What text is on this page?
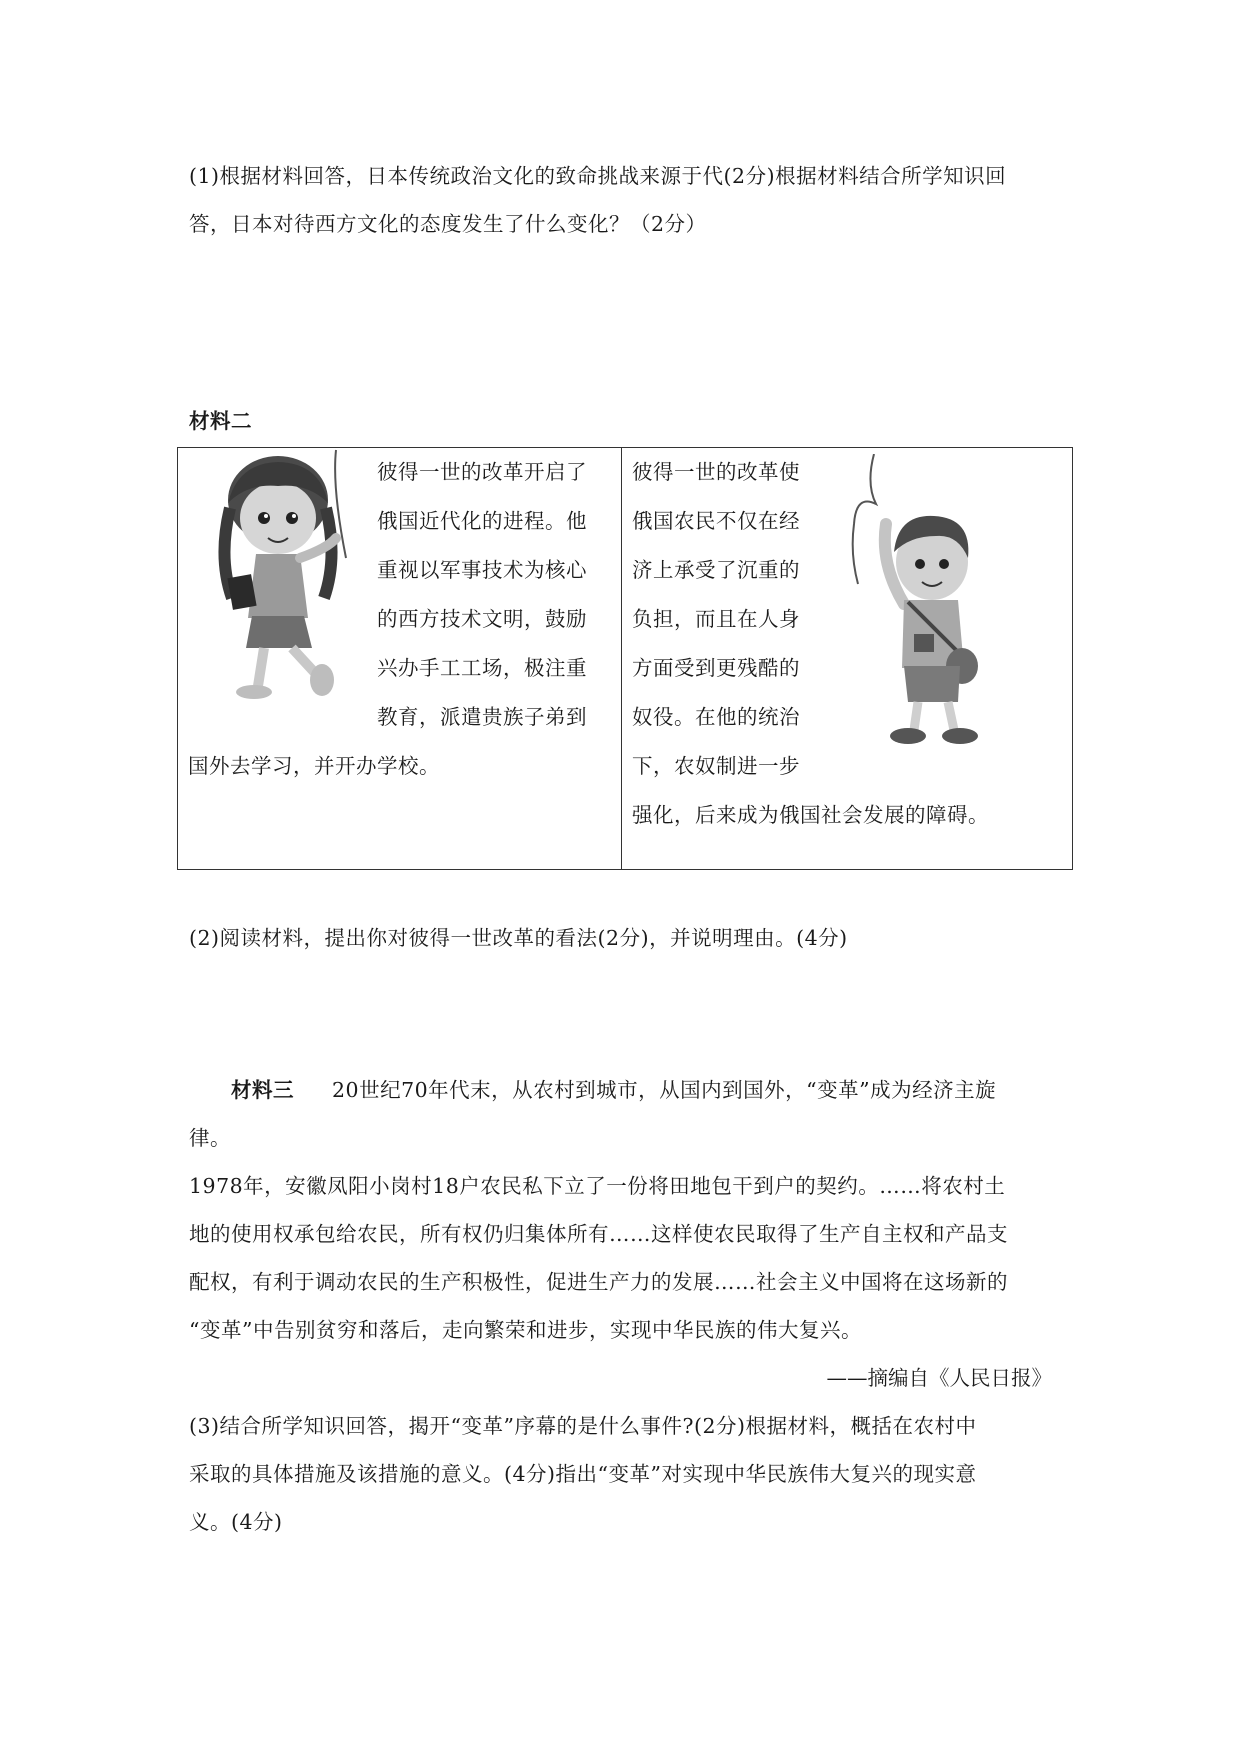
(1)根据材料回答，日本传统政治文化的致命挑战来源于代(2分)根据材料结合所学知识回
答，日本对待西方文化的态度发生了什么变化？（2分）
材料二
彼得一世的改革开启了
俄国近代化的进程。他
重视以军事技术为核心
的西方技术文明，鼓励
兴办手工工场，极注重
教育，派遣贵族子弟到
国外去学习，并开办学校。

彼得一世的改革使
俄国农民不仅在经
济上承受了沉重的
负担，而且在人身
方面受到更残酷的
奴役。在他的统治
下，农奴制进一步
强化，后来成为俄国社会发展的障碍。
(2)阅读材料，提出你对彼得一世改革的看法(2分)，并说明理由。(4分)
材料三 20世纪70年代末，从农村到城市，从国内到国外，“变革”成为经济主旋
律。
1978年，安徽凤阳小岗村18户农民私下立了一份将田地包干到户的契约。……将农村土
地的使用权承包给农民，所有权仍归集体所有……这样使农民取得了生产自主权和产品支
配权，有利于调动农民的生产积极性，促进生产力的发展……社会主义中国将在这场新的
“变革”中告别贫穷和落后，走向繁荣和进步，实现中华民族的伟大复兴。
——摘编自《人民日报》
(3)结合所学知识回答，揭开“变革”序幕的是什么事件?(2分)根据材料，概括在农村中
采取的具体措施及该措施的意义。(4分)指出“变革”对实现中华民族伟大复兴的现实意
义。(4分)
